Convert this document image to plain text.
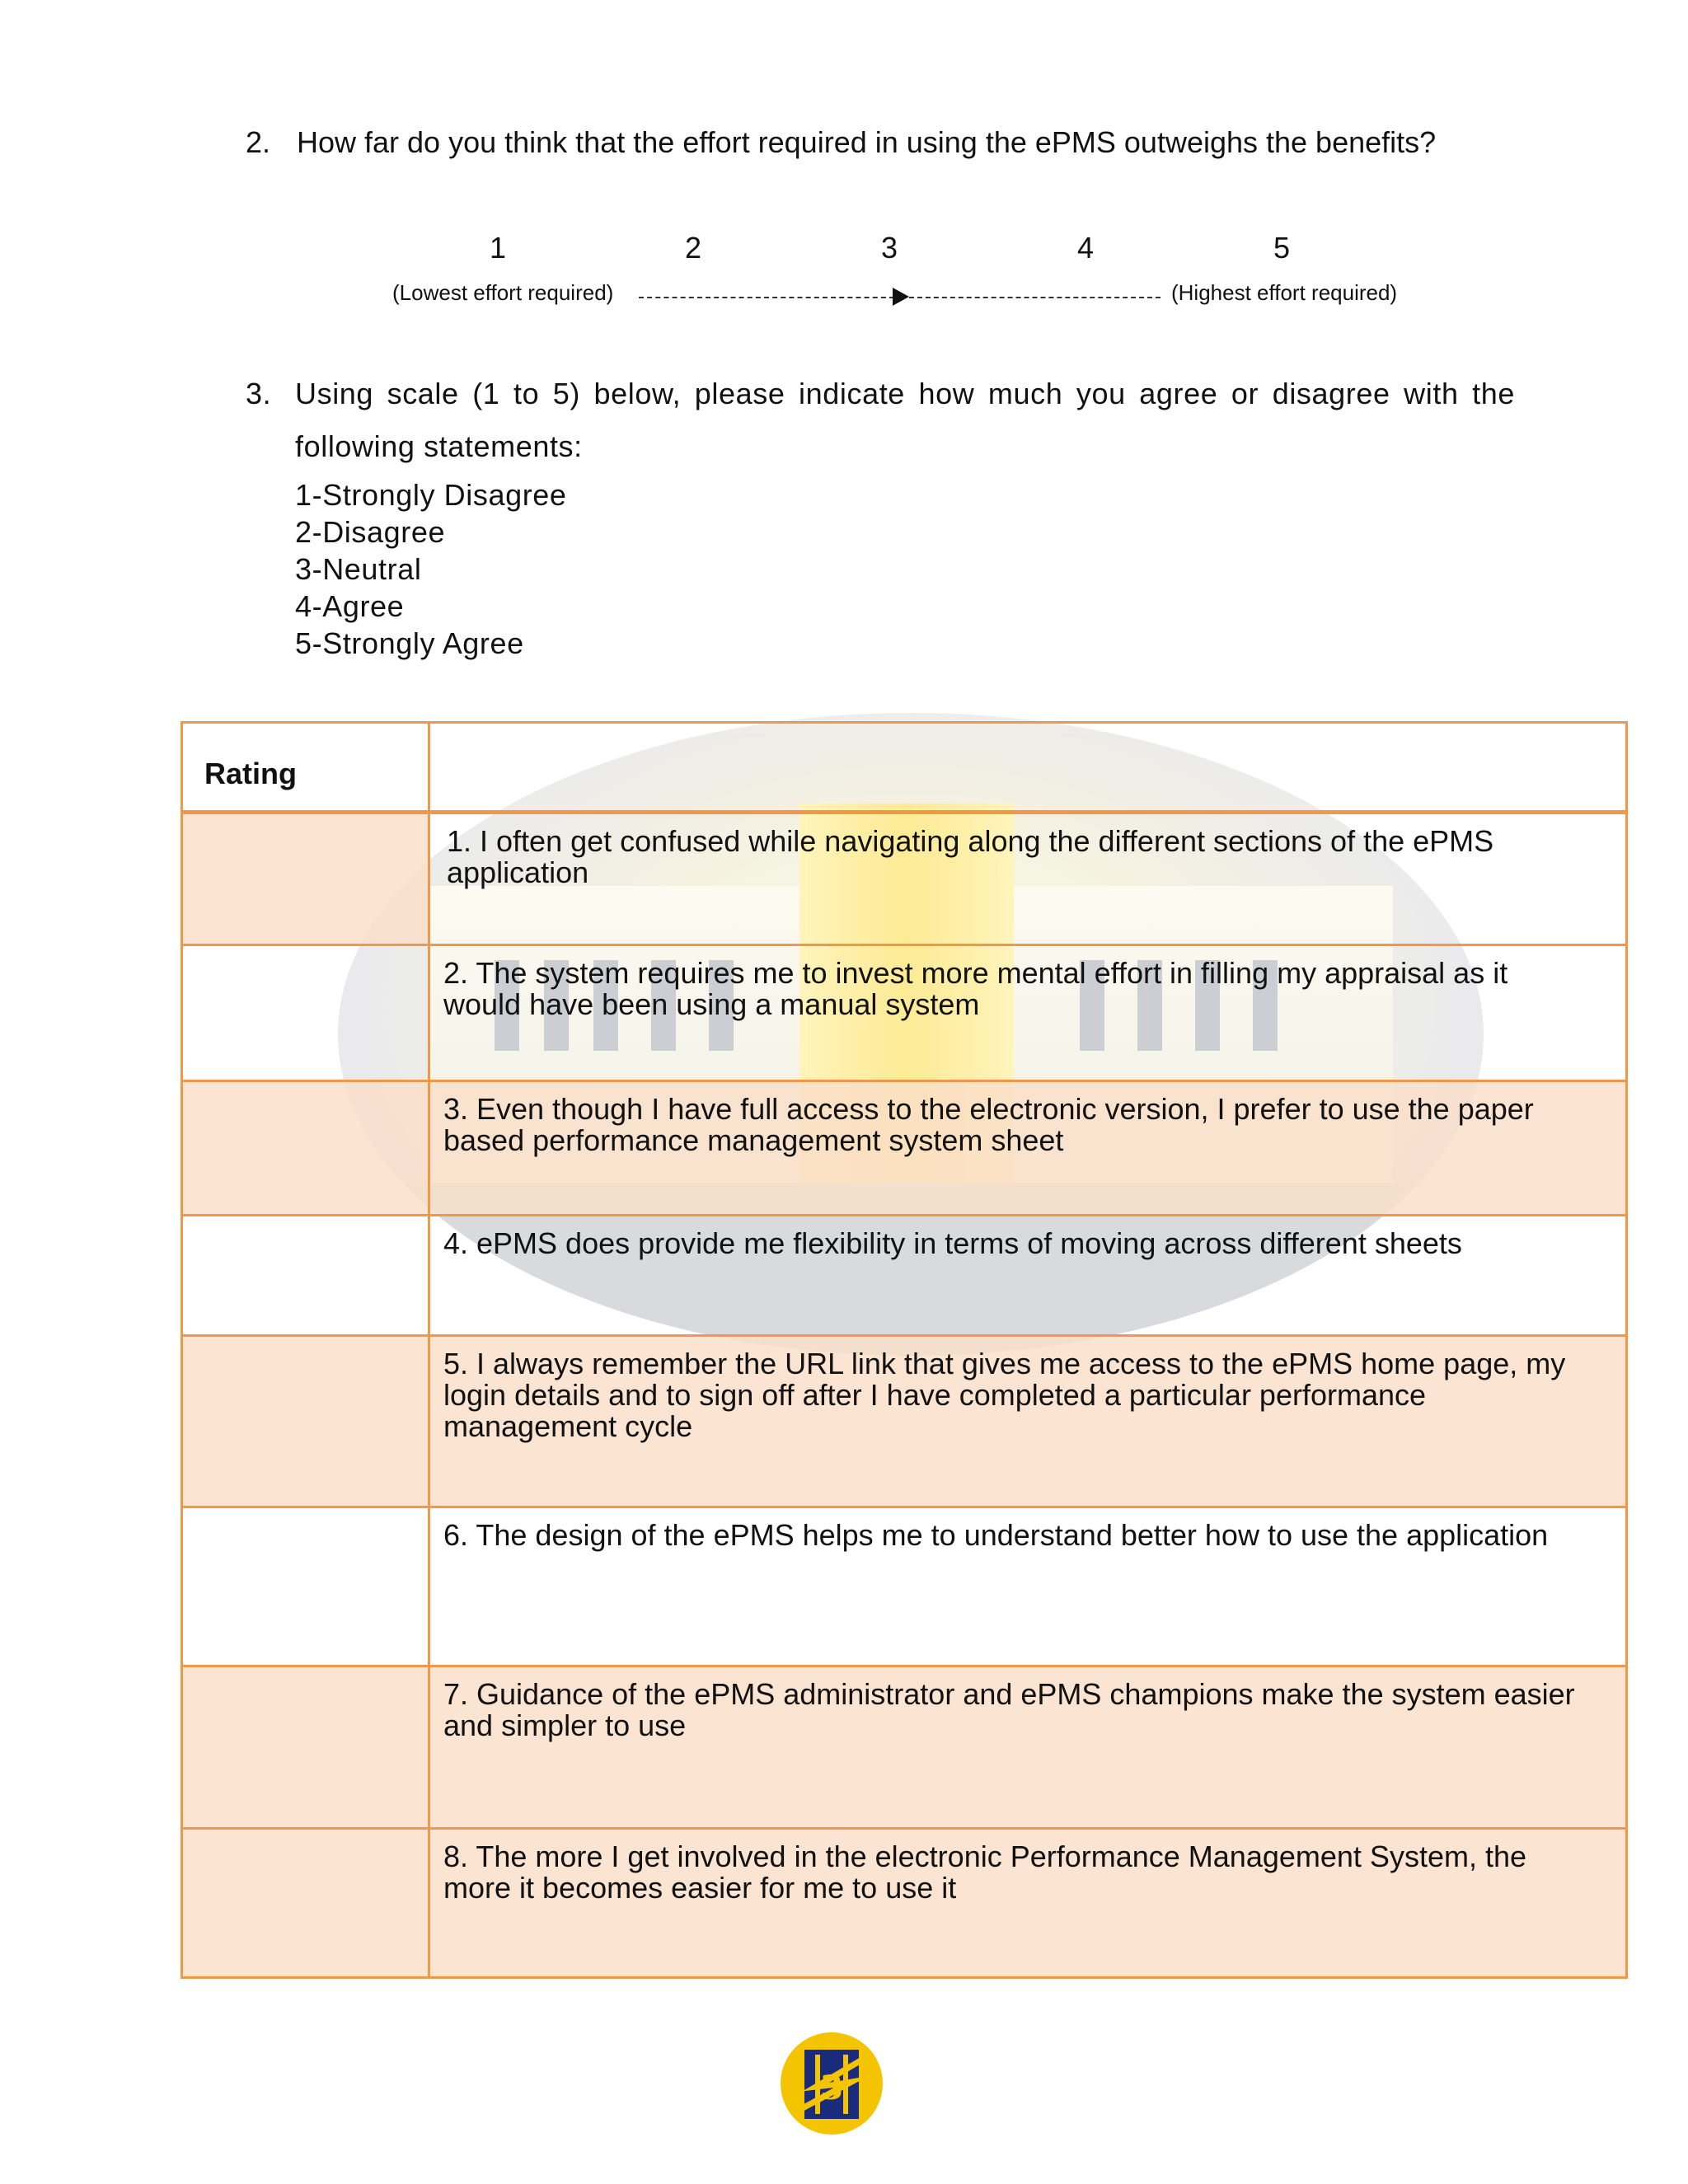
2. How far do you think that the effort required in using the ePMS outweighs the benefits?
1	2	3	4	5
(Lowest effort required)	(Highest effort required)
3. Using scale (1 to 5) below, please indicate how much you agree or disagree with the following statements:
1-Strongly Disagree
2-Disagree
3-Neutral
4-Agree
5-Strongly Agree
Rating
1. I often get confused while navigating along the different sections of the ePMS application
2. The system requires me to invest more mental effort in filling my appraisal as it would have been using a manual system
3. Even though I have full access to the electronic version, I prefer to use the paper based performance management system sheet
4. ePMS does provide me flexibility in terms of moving across different sheets
5. I always remember the URL link that gives me access to the ePMS home page, my login details and to sign off after I have completed a particular performance management cycle
6. The design of the ePMS helps me to understand better how to use the application
7. Guidance of the ePMS administrator and ePMS champions make the system easier and simpler to use
8. The more I get involved in the electronic Performance Management System, the more it becomes easier for me to use it
3
